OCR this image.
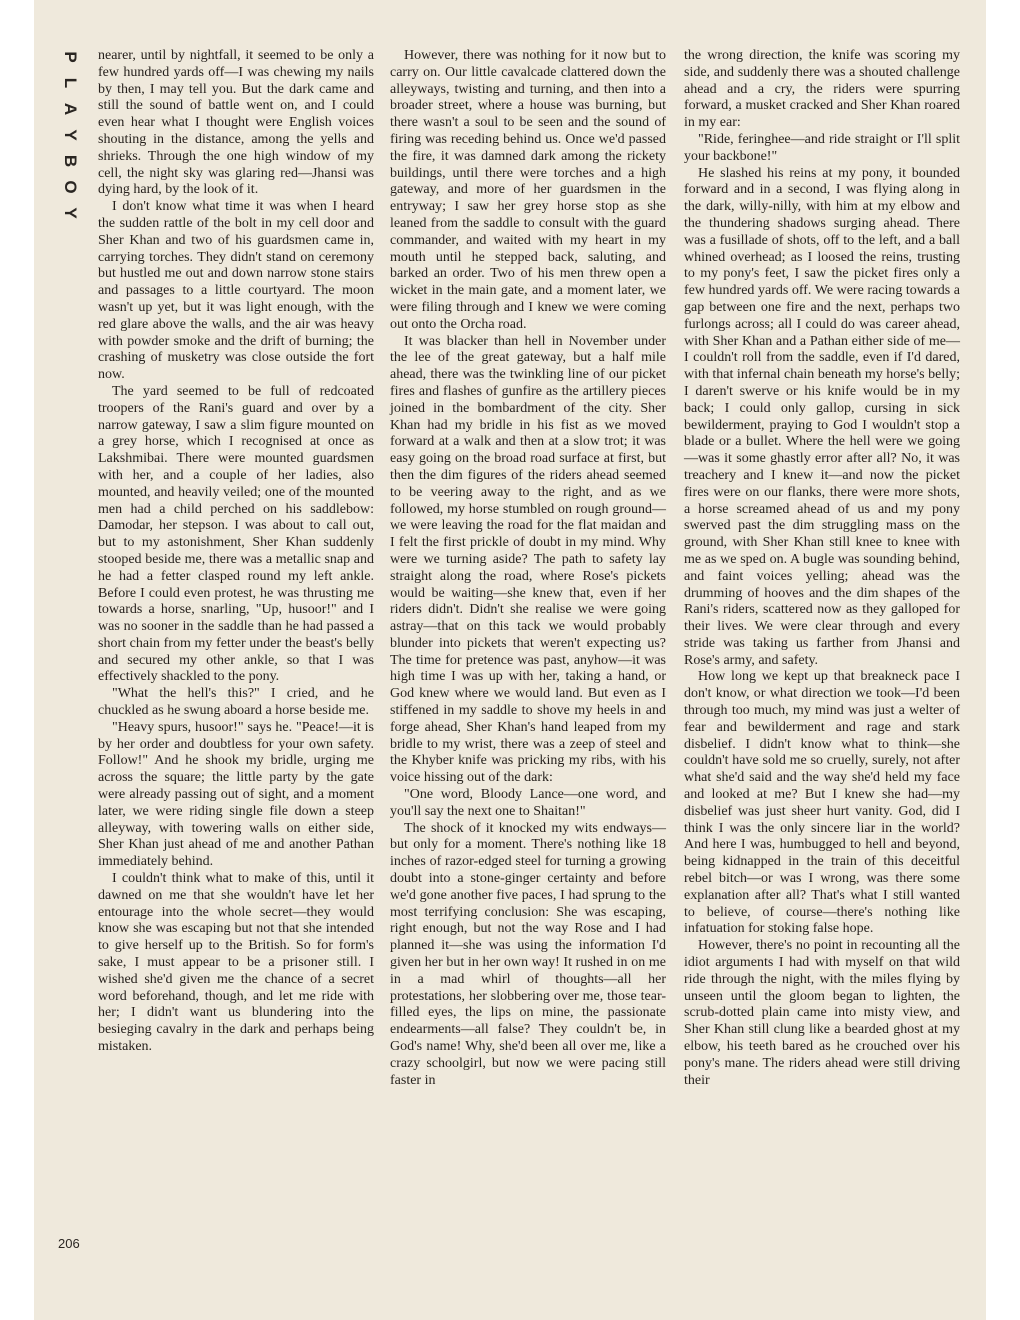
P
L
A
Y
B
O
Y

nearer, until by nightfall, it seemed to be only a few hundred yards off—I was chewing my nails by then, I may tell you. But the dark came and still the sound of battle went on, and I could even hear what I thought were English voices shouting in the distance, among the yells and shrieks. Through the one high window of my cell, the night sky was glaring red—Jhansi was dying hard, by the look of it.

I don't know what time it was when I heard the sudden rattle of the bolt in my cell door and Sher Khan and two of his guardsmen came in, carrying torches. They didn't stand on ceremony but hustled me out and down narrow stone stairs and passages to a little courtyard. The moon wasn't up yet, but it was light enough, with the red glare above the walls, and the air was heavy with powder smoke and the drift of burning; the crashing of musketry was close outside the fort now.

The yard seemed to be full of redcoated troopers of the Rani's guard and over by a narrow gateway, I saw a slim figure mounted on a grey horse, which I recognised at once as Lakshmibai. There were mounted guardsmen with her, and a couple of her ladies, also mounted, and heavily veiled; one of the mounted men had a child perched on his saddlebow: Damodar, her stepson. I was about to call out, but to my astonishment, Sher Khan suddenly stooped beside me, there was a metallic snap and he had a fetter clasped round my left ankle. Before I could even protest, he was thrusting me towards a horse, snarling, "Up, husoor!" and I was no sooner in the saddle than he had passed a short chain from my fetter under the beast's belly and secured my other ankle, so that I was effectively shackled to the pony.

"What the hell's this?" I cried, and he chuckled as he swung aboard a horse beside me.

"Heavy spurs, husoor!" says he. "Peace!—it is by her order and doubtless for your own safety. Follow!" And he shook my bridle, urging me across the square; the little party by the gate were already passing out of sight, and a moment later, we were riding single file down a steep alleyway, with towering walls on either side, Sher Khan just ahead of me and another Pathan immediately behind.

I couldn't think what to make of this, until it dawned on me that she wouldn't have let her entourage into the whole secret—they would know she was escaping but not that she intended to give herself up to the British. So for form's sake, I must appear to be a prisoner still. I wished she'd given me the chance of a secret word beforehand, though, and let me ride with her; I didn't want us blundering into the besieging cavalry in the dark and perhaps being mistaken.

However, there was nothing for it now but to carry on. Our little cavalcade clattered down the alleyways, twisting and turning, and then into a broader street, where a house was burning, but there wasn't a soul to be seen and the sound of firing was receding behind us. Once we'd passed the fire, it was damned dark among the rickety buildings, until there were torches and a high gateway, and more of her guardsmen in the entryway; I saw her grey horse stop as she leaned from the saddle to consult with the guard commander, and waited with my heart in my mouth until he stepped back, saluting, and barked an order. Two of his men threw open a wicket in the main gate, and a moment later, we were filing through and I knew we were coming out onto the Orcha road.

It was blacker than hell in November under the lee of the great gateway, but a half mile ahead, there was the twinkling line of our picket fires and flashes of gunfire as the artillery pieces joined in the bombardment of the city. Sher Khan had my bridle in his fist as we moved forward at a walk and then at a slow trot; it was easy going on the broad road surface at first, but then the dim figures of the riders ahead seemed to be veering away to the right, and as we followed, my horse stumbled on rough ground—we were leaving the road for the flat maidan and I felt the first prickle of doubt in my mind. Why were we turning aside? The path to safety lay straight along the road, where Rose's pickets would be waiting—she knew that, even if her riders didn't. Didn't she realise we were going astray—that on this tack we would probably blunder into pickets that weren't expecting us? The time for pretence was past, anyhow—it was high time I was up with her, taking a hand, or God knew where we would land. But even as I stiffened in my saddle to shove my heels in and forge ahead, Sher Khan's hand leaped from my bridle to my wrist, there was a zeep of steel and the Khyber knife was pricking my ribs, with his voice hissing out of the dark:

"One word, Bloody Lance—one word, and you'll say the next one to Shaitan!"

The shock of it knocked my wits endways—but only for a moment. There's nothing like 18 inches of razor-edged steel for turning a growing doubt into a stone-ginger certainty and before we'd gone another five paces, I had sprung to the most terrifying conclusion: She was escaping, right enough, but not the way Rose and I had planned it—she was using the information I'd given her but in her own way! It rushed in on me in a mad whirl of thoughts—all her protestations, her slobbering over me, those tear-filled eyes, the lips on mine, the passionate endearments—all false? They couldn't be, in God's name! Why, she'd been all over me, like a crazy schoolgirl, but now we were pacing still faster in

the wrong direction, the knife was scoring my side, and suddenly there was a shouted challenge ahead and a cry, the riders were spurring forward, a musket cracked and Sher Khan roared in my ear:

"Ride, feringhee—and ride straight or I'll split your backbone!"

He slashed his reins at my pony, it bounded forward and in a second, I was flying along in the dark, willy-nilly, with him at my elbow and the thundering shadows surging ahead. There was a fusillade of shots, off to the left, and a ball whined overhead; as I loosed the reins, trusting to my pony's feet, I saw the picket fires only a few hundred yards off. We were racing towards a gap between one fire and the next, perhaps two furlongs across; all I could do was career ahead, with Sher Khan and a Pathan either side of me—I couldn't roll from the saddle, even if I'd dared, with that infernal chain beneath my horse's belly; I daren't swerve or his knife would be in my back; I could only gallop, cursing in sick bewilderment, praying to God I wouldn't stop a blade or a bullet. Where the hell were we going—was it some ghastly error after all? No, it was treachery and I knew it—and now the picket fires were on our flanks, there were more shots, a horse screamed ahead of us and my pony swerved past the dim struggling mass on the ground, with Sher Khan still knee to knee with me as we sped on. A bugle was sounding behind, and faint voices yelling; ahead was the drumming of hooves and the dim shapes of the Rani's riders, scattered now as they galloped for their lives. We were clear through and every stride was taking us farther from Jhansi and Rose's army, and safety.

How long we kept up that breakneck pace I don't know, or what direction we took—I'd been through too much, my mind was just a welter of fear and bewilderment and rage and stark disbelief. I didn't know what to think—she couldn't have sold me so cruelly, surely, not after what she'd said and the way she'd held my face and looked at me? But I knew she had—my disbelief was just sheer hurt vanity. God, did I think I was the only sincere liar in the world? And here I was, humbugged to hell and beyond, being kidnapped in the train of this deceitful rebel bitch—or was I wrong, was there some explanation after all? That's what I still wanted to believe, of course—there's nothing like infatuation for stoking false hope.

However, there's no point in recounting all the idiot arguments I had with myself on that wild ride through the night, with the miles flying by unseen until the gloom began to lighten, the scrub-dotted plain came into misty view, and Sher Khan still clung like a bearded ghost at my elbow, his teeth bared as he crouched over his pony's mane. The riders ahead were still driving their

206
